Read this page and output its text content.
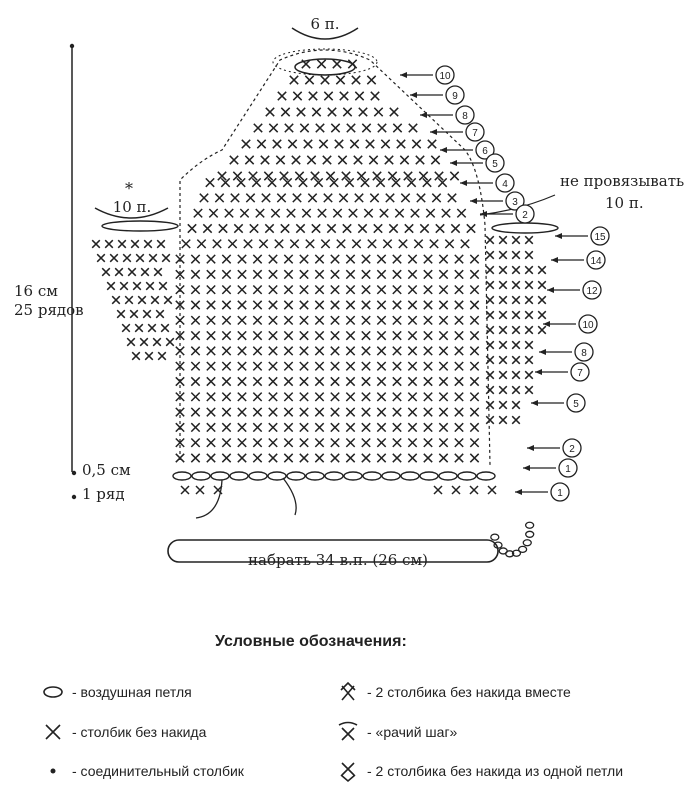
10
9
8
7
6
5
4
3
2
15
14
12
10
8
7
5
2
1
1
6 п.
*
10 п.
не провязывать
10 п.
16 см
25 рядов
0,5 см
1 ряд
набрать 34 в.п. (26 см)
Условные обозначения:
- воздушная петля
- столбик без накида
- соединительный столбик
- 2 столбика без накида вместе
- «рачий шаг»
- 2 столбика без накида из одной петли
